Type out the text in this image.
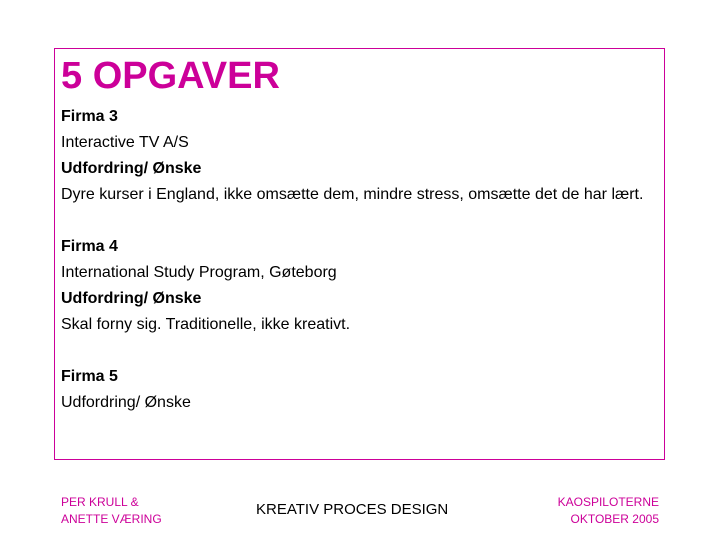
5 OPGAVER
Firma 3
Interactive TV A/S
Udfordring/ Ønske
Dyre kurser i England, ikke omsætte dem, mindre stress, omsætte det de har lært.
Firma 4
International Study Program, Gøteborg
Udfordring/ Ønske
Skal forny sig. Traditionelle, ikke kreativt.
Firma 5
Udfordring/ Ønske
PER KRULL &
ANETTE VÆRING
KREATIV PROCES DESIGN	KAOSPILOTERNE
OKTOBER 2005
